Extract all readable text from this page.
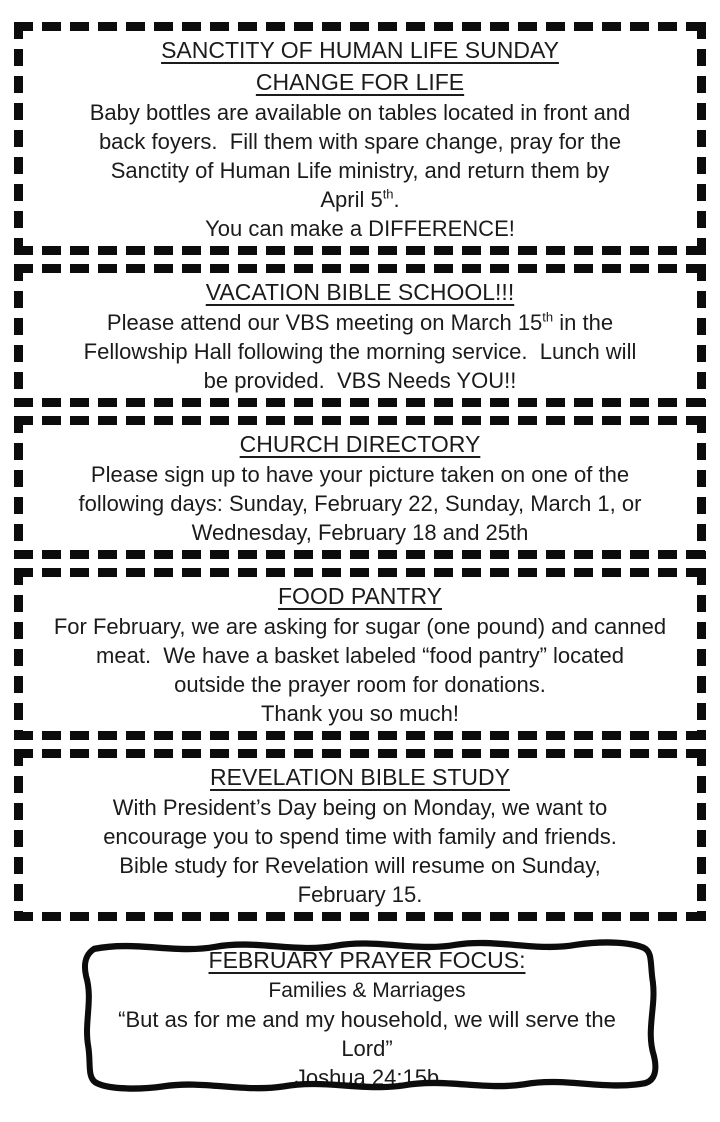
SANCTITY OF HUMAN LIFE SUNDAY
CHANGE FOR LIFE
Baby bottles are available on tables located in front and
back foyers.  Fill them with spare change, pray for the
Sanctity of Human Life ministry, and return them by
April 5th.
You can make a DIFFERENCE!
VACATION BIBLE SCHOOL!!!
Please attend our VBS meeting on March 15th in the
Fellowship Hall following the morning service.  Lunch will
be provided.  VBS Needs YOU!!
CHURCH DIRECTORY
Please sign up to have your picture taken on one of the
following days: Sunday, February 22, Sunday, March 1, or
Wednesday, February 18 and 25th
FOOD PANTRY
For February, we are asking for sugar (one pound) and canned
meat.  We have a basket labeled “food pantry” located
outside the prayer room for donations.
Thank you so much!
REVELATION BIBLE STUDY
With President’s Day being on Monday, we want to
encourage you to spend time with family and friends.
Bible study for Revelation will resume on Sunday,
February 15.
FEBRUARY PRAYER FOCUS:
Families & Marriages
“But as for me and my household, we will serve the
Lord”
Joshua 24:15b
